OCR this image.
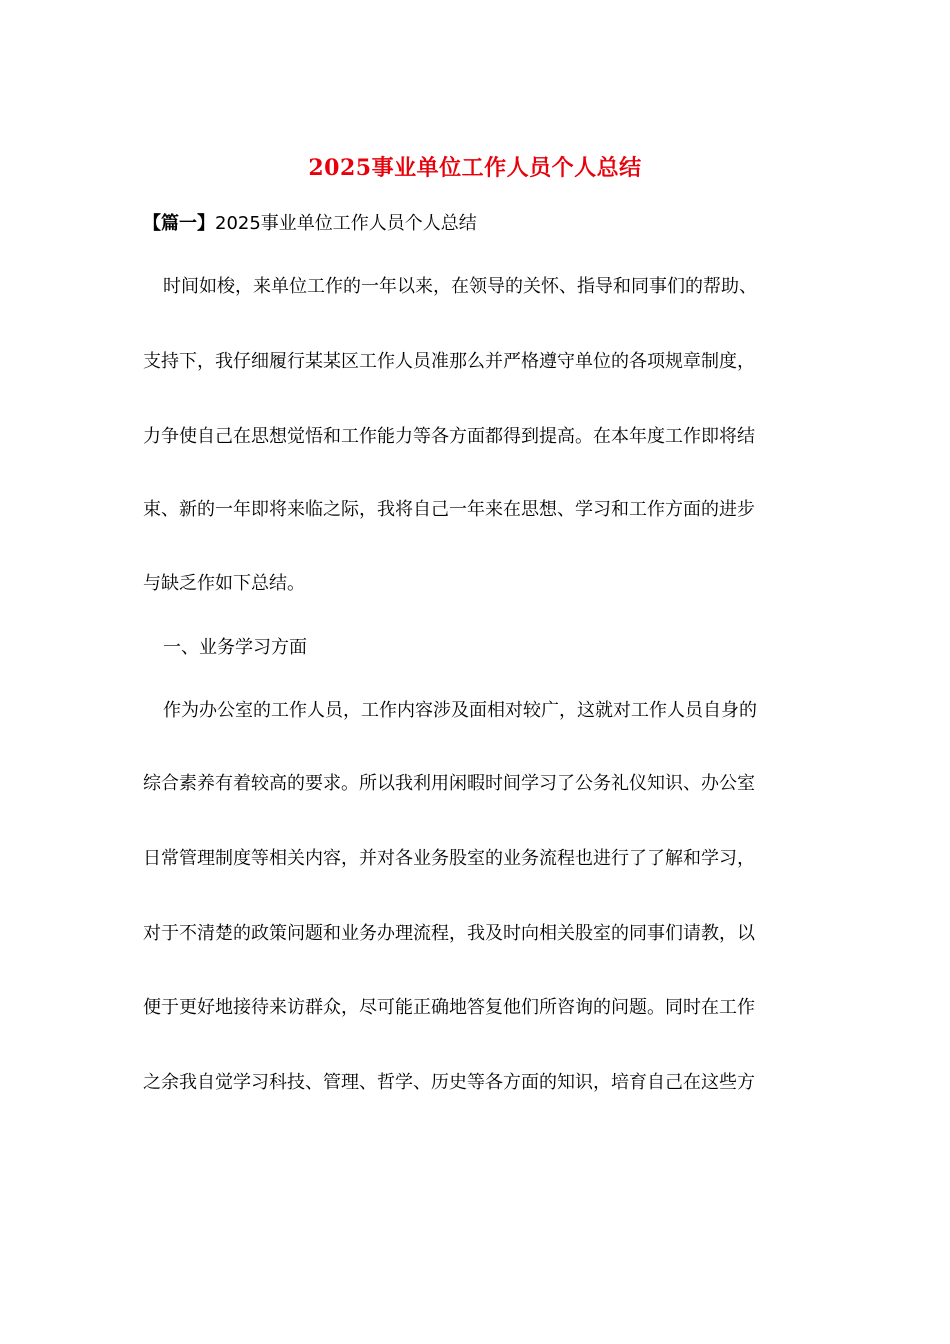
2025事业单位工作人员个人总结
【篇一】2025事业单位工作人员个人总结
时间如梭，来单位工作的一年以来，在领导的关怀、指导和同事们的帮助、
支持下，我仔细履行某某区工作人员准那么并严格遵守单位的各项规章制度，
力争使自己在思想觉悟和工作能力等各方面都得到提高。在本年度工作即将结
束、新的一年即将来临之际，我将自己一年来在思想、学习和工作方面的进步
与缺乏作如下总结。
一、业务学习方面
作为办公室的工作人员，工作内容涉及面相对较广，这就对工作人员自身的
综合素养有着较高的要求。所以我利用闲暇时间学习了公务礼仪知识、办公室
日常管理制度等相关内容，并对各业务股室的业务流程也进行了了解和学习，
对于不清楚的政策问题和业务办理流程，我及时向相关股室的同事们请教，以
便于更好地接待来访群众，尽可能正确地答复他们所咨询的问题。同时在工作
之余我自觉学习科技、管理、哲学、历史等各方面的知识，培育自己在这些方
